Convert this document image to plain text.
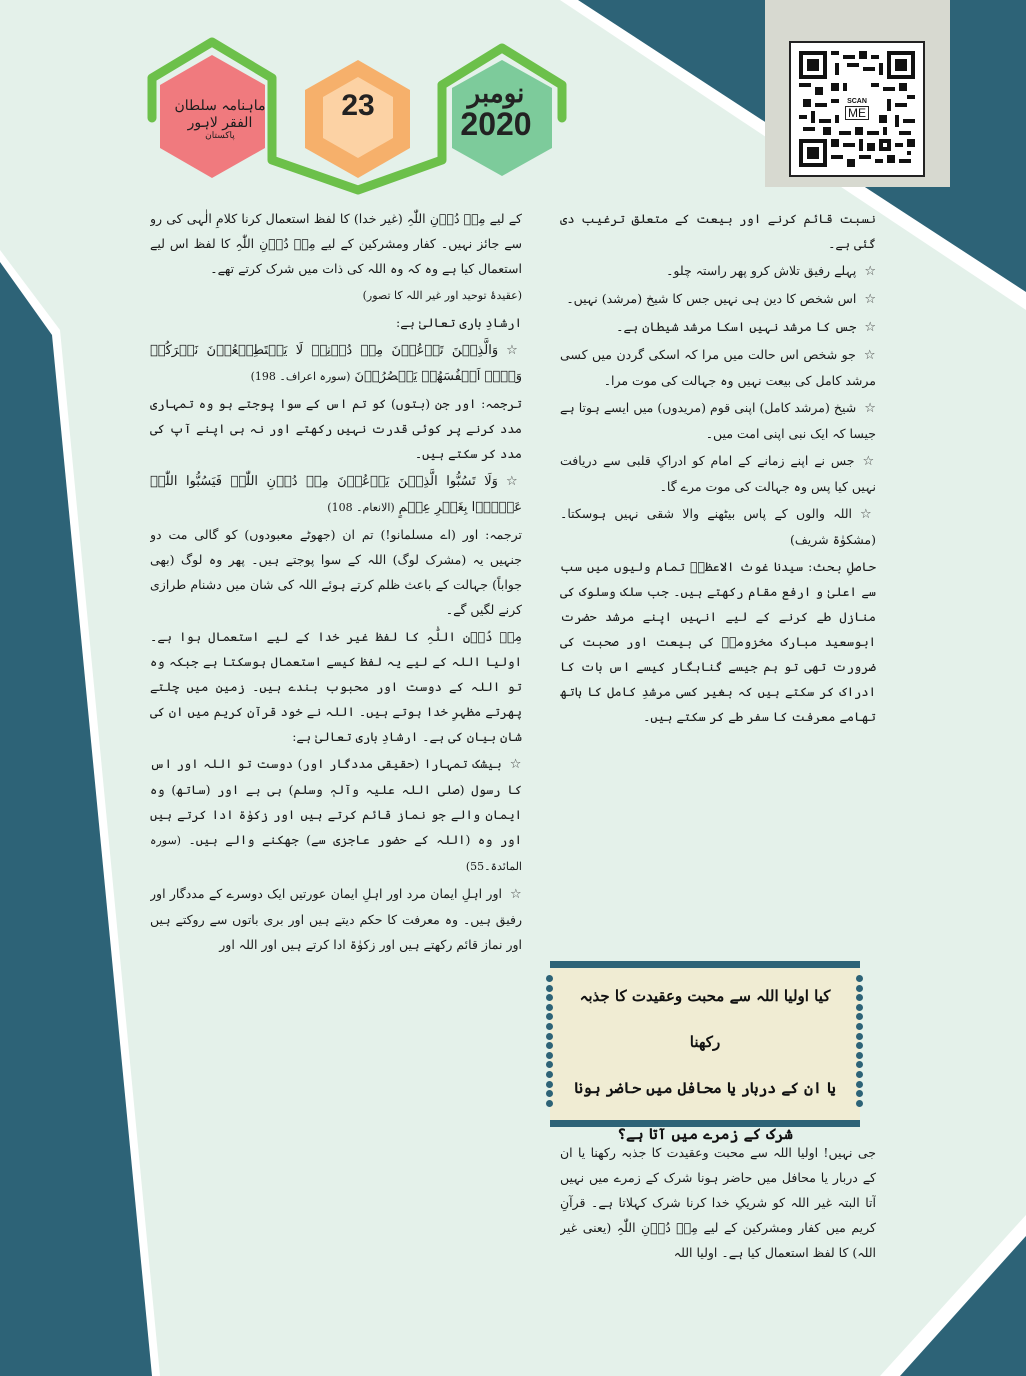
SCAN
ME
ماہنامہ سلطان الفقر لاہور
پاکستان
23	نومبر
2020

نسبت قائم کرنے اور بیعت کے متعلق ترغیب دی گئی ہے۔

☆پہلے رفیق تلاش کرو پھر راستہ چلو۔

☆اس شخص کا دین ہی نہیں جس کا شیخ (مرشد) نہیں۔

☆جس کا مرشد نہیں اسکا مرشد شیطان ہے۔

☆جو شخص اس حالت میں مرا کہ اسکی گردن میں کسی مرشد کامل کی بیعت نہیں وہ جہالت کی موت مرا۔

☆شیخ (مرشد کامل) اپنی قوم (مریدوں) میں ایسے ہوتا ہے جیسا کہ ایک نبی اپنی امت میں۔

☆جس نے اپنے زمانے کے امام کو ادراکِ قلبی سے دریافت نہیں کیا پس وہ جہالت کی موت مرے گا۔

☆اللہ والوں کے پاس بیٹھنے والا شقی نہیں ہوسکتا۔ (مشکوٰۃ شریف)

حاصلِ بحث: سیدنا غوث الاعظمؓ تمام ولیوں میں سب سے اعلیٰ و ارفع مقام رکھتے ہیں۔ جب سلک وسلوک کی منازل طے کرنے کے لیے انہیں اپنے مرشد حضرت ابوسعید مبارک مخزومیؒ کی بیعت اور صحبت کی ضرورت تھی تو ہم جیسے گناہگار کیسے اس بات کا ادراک کر سکتے ہیں کہ بغیر کسی مرشدِ کامل کا ہاتھ تھامے معرفت کا سفر طے کر سکتے ہیں۔

کیا اولیا اللہ سے محبت وعقیدت کا جذبہ رکھنا
یا ان کے دربار یا محافل میں حاضر ہونا
شرک کے زمرے میں آتا ہے؟

جی نہیں! اولیا اللہ سے محبت وعقیدت کا جذبہ رکھنا یا ان کے دربار یا محافل میں حاضر ہونا شرک کے زمرے میں نہیں آتا البتہ غیر اللہ کو شریکِ خدا کرنا شرک کہلاتا ہے۔ قرآنِ کریم میں کفار ومشرکین کے لیے مِنۡ دُوۡنِ اللّٰہِ (یعنی غیر اللہ) کا لفظ استعمال کیا ہے۔ اولیا اللہ

کے لیے مِنۡ دُوۡنِ اللّٰہِ (غیر خدا) کا لفظ استعمال کرنا کلامِ الٰہی کی رو سے جائز نہیں۔ کفار ومشرکین کے لیے مِنۡ دُوۡنِ اللّٰہِ کا لفظ اس لیے استعمال کیا ہے وہ کہ وہ اللہ کی ذات میں شرک کرتے تھے۔

(عقیدۂ توحید اور غیر اللہ کا تصور)

ارشادِ باری تعالیٰ ہے:

☆وَالَّذِیۡنَ تَدۡعُوۡنَ مِنۡ دُوۡنِہٖ لَا یَسۡتَطِیۡعُوۡنَ نَصۡرَکُمۡ وَلَاۤ اَنۡفُسَھُمۡ یَنۡصُرُوۡنَ (سورہ اعراف۔ 198)

ترجمہ: اور جن (بتوں) کو تم اس کے سوا پوجتے ہو وہ تمہاری مدد کرنے پر کوئی قدرت نہیں رکھتے اور نہ ہی اپنے آپ کی مدد کر سکتے ہیں۔

☆وَلَا تَسُبُّوا الَّذِیۡنَ یَدۡعُوۡنَ مِنۡ دُوۡنِ اللّٰہِ فَیَسُبُّوا اللّٰہَ عَدۡوًۢا بِغَیۡرِ عِلۡمٍ (الانعام۔ 108)

ترجمہ: اور (اے مسلمانو!) تم ان (جھوٹے معبودوں) کو گالی مت دو جنہیں یہ (مشرک لوگ) اللہ کے سوا پوجتے ہیں۔ پھر وہ لوگ (بھی جواباً) جہالت کے باعث ظلم کرتے ہوئے اللہ کی شان میں دشنام طرازی کرنے لگیں گے۔

مِنۡ دُوۡنِ اللّٰہِ کا لفظ غیر خدا کے لیے استعمال ہوا ہے۔ اولیا اللہ کے لیے یہ لفظ کیسے استعمال ہوسکتا ہے جبکہ وہ تو اللہ کے دوست اور محبوب بندے ہیں۔ زمین میں چلتے پھرتے مظہرِ خدا ہوتے ہیں۔ اللہ نے خود قرآنِ کریم میں ان کی شان بیان کی ہے۔ ارشادِ باری تعالیٰ ہے:

☆بیشک تمہارا (حقیقی مددگار اور) دوست تو اللہ اور اس کا رسول (صلی اللہ علیہ وآلہٖ وسلم) ہی ہے اور (ساتھ) وہ ایمان والے جو نماز قائم کرتے ہیں اور زکوٰۃ ادا کرتے ہیں اور وہ (اللہ کے حضور عاجزی سے) جھکنے والے ہیں۔ (سورہ المائدۃ۔55)

☆اور اہلِ ایمان مرد اور اہلِ ایمان عورتیں ایک دوسرے کے مددگار اور رفیق ہیں۔ وہ معرفت کا حکم دیتے ہیں اور بری باتوں سے روکتے ہیں اور نماز قائم رکھتے ہیں اور زکوٰۃ ادا کرتے ہیں اور اللہ اور
